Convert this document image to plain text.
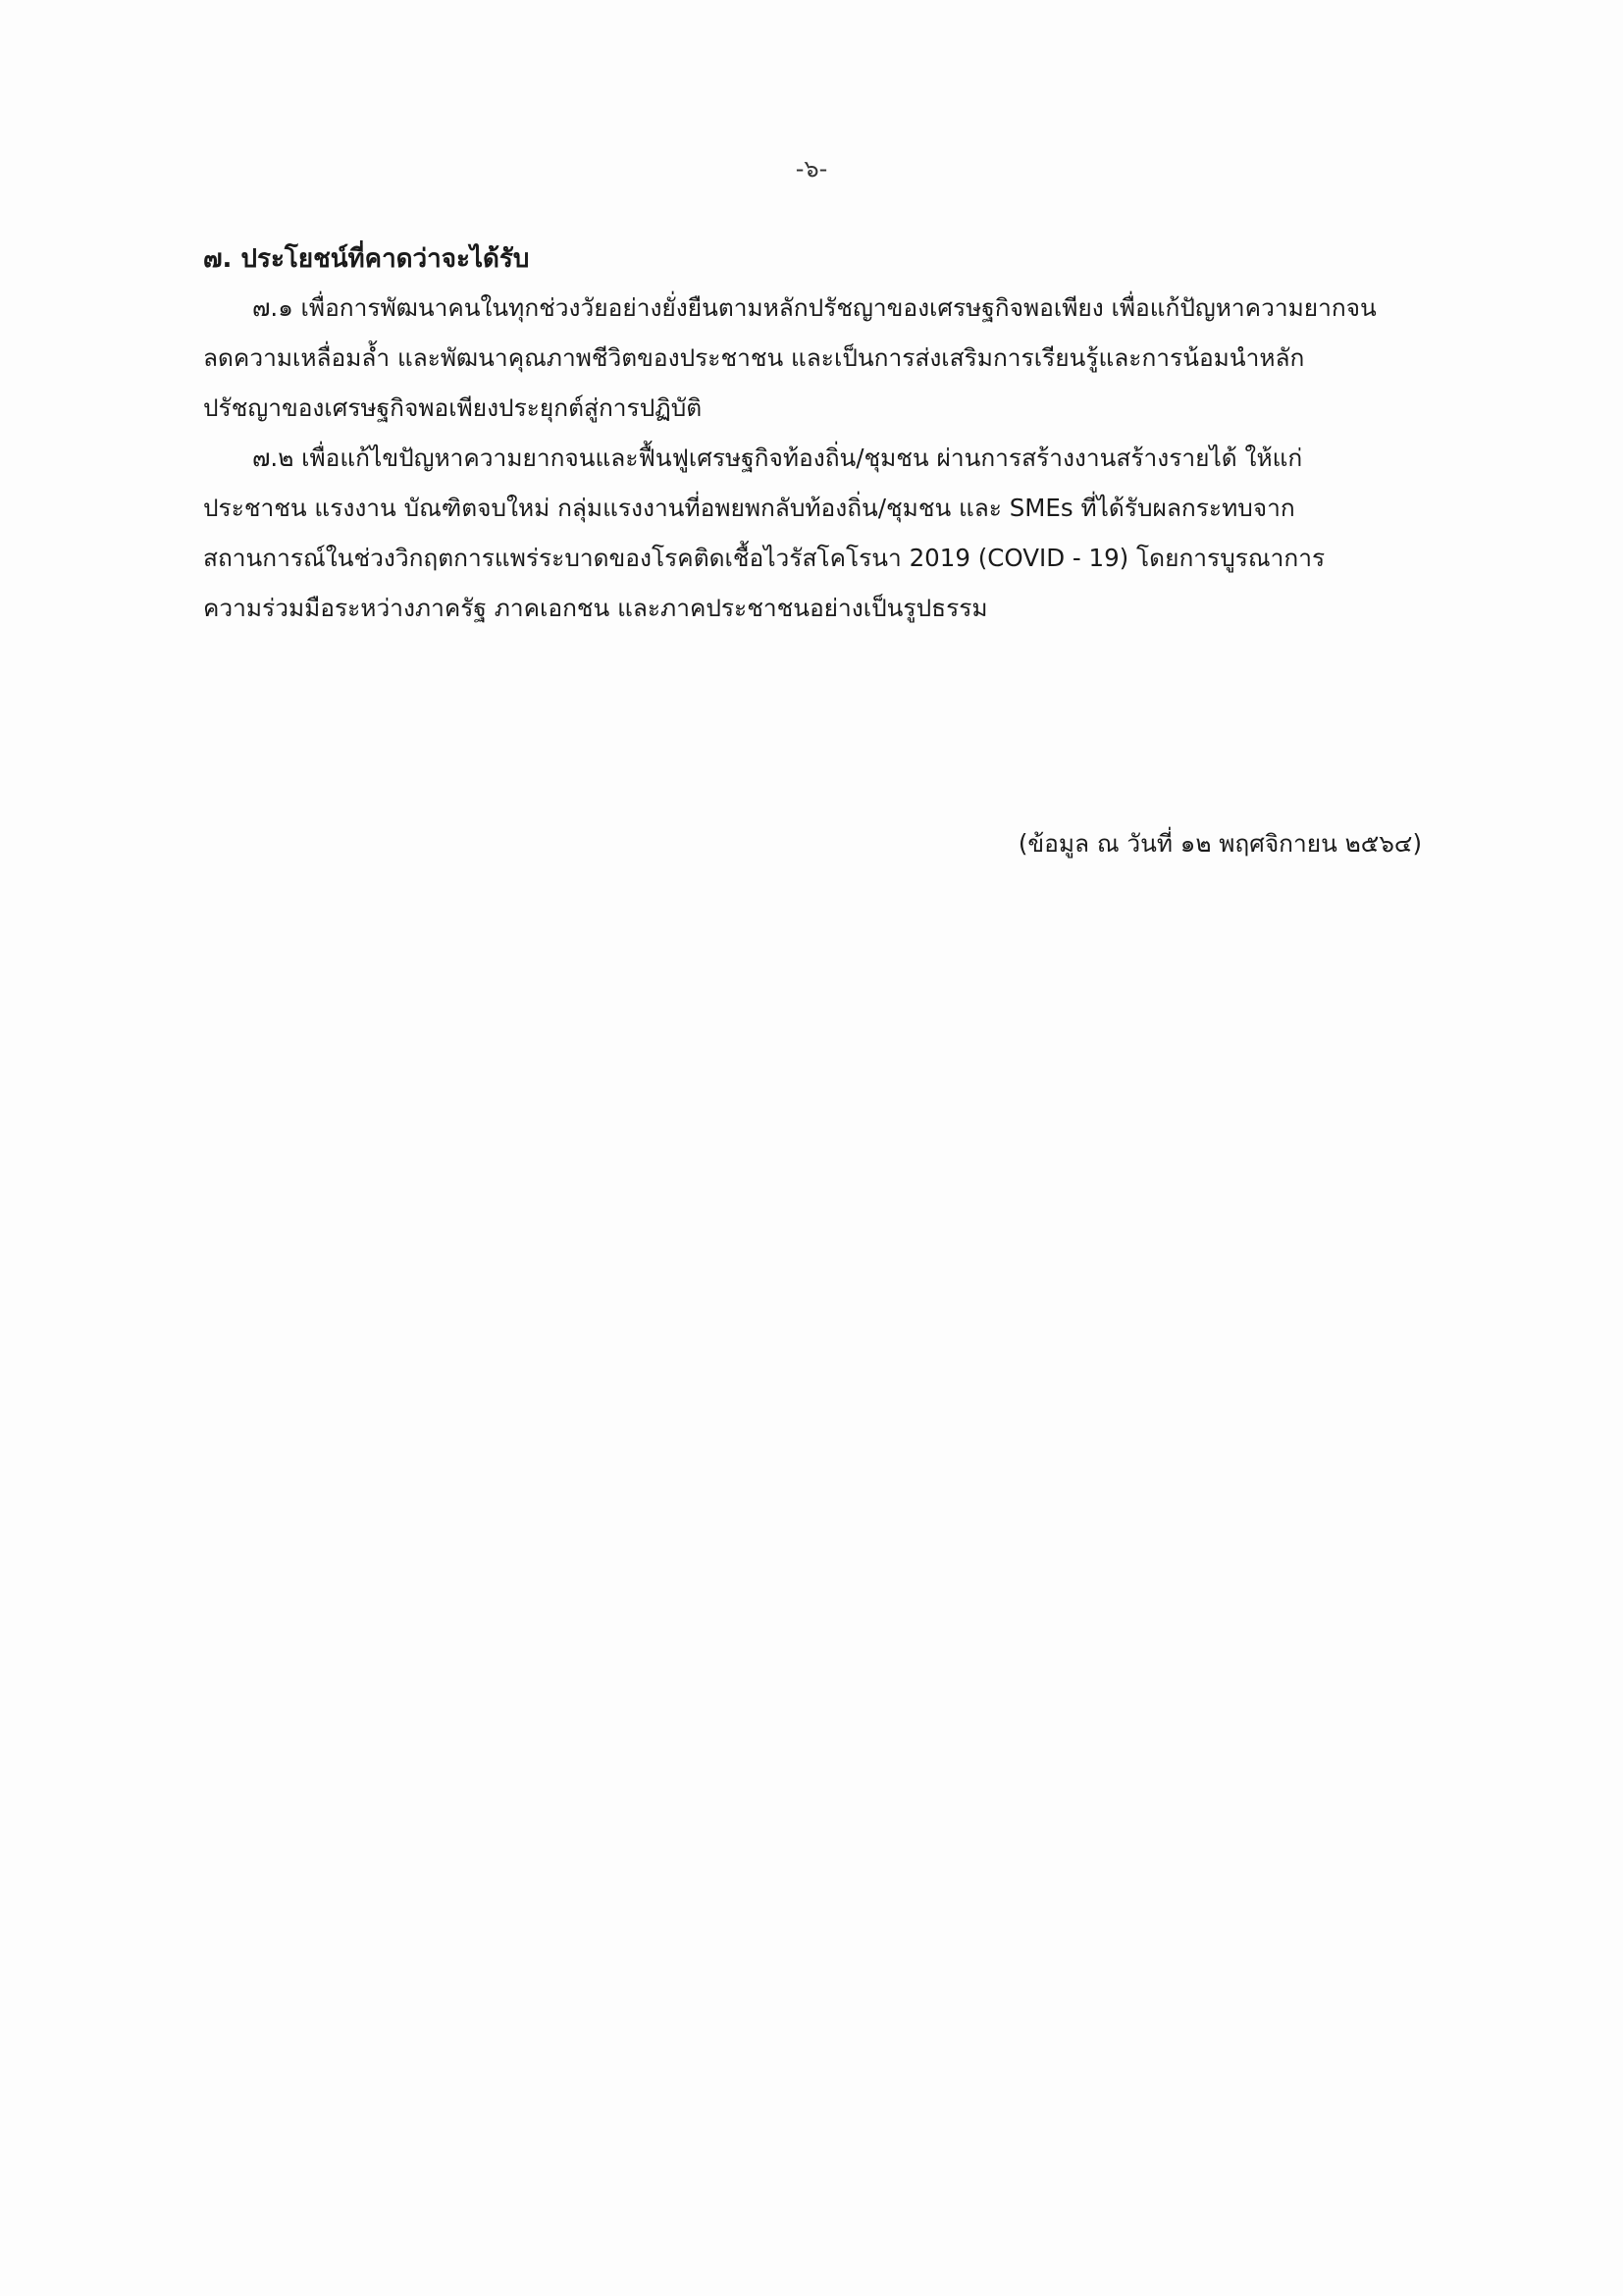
-๖-
๗. ประโยชน์ที่คาดว่าจะได้รับ
๗.๑ เพื่อการพัฒนาคนในทุกช่วงวัยอย่างยั่งยืนตามหลักปรัชญาของเศรษฐกิจพอเพียง เพื่อแก้ปัญหาความยากจน
ลดความเหลื่อมล้ำ และพัฒนาคุณภาพชีวิตของประชาชน และเป็นการส่งเสริมการเรียนรู้และการน้อมนำหลัก
ปรัชญาของเศรษฐกิจพอเพียงประยุกต์สู่การปฏิบัติ
๗.๒ เพื่อแก้ไขปัญหาความยากจนและฟื้นฟูเศรษฐกิจท้องถิ่น/ชุมชน ผ่านการสร้างงานสร้างรายได้ ให้แก่
ประชาชน แรงงาน บัณฑิตจบใหม่ กลุ่มแรงงานที่อพยพกลับท้องถิ่น/ชุมชน และ SMEs ที่ได้รับผลกระทบจาก
สถานการณ์ในช่วงวิกฤตการแพร่ระบาดของโรคติดเชื้อไวรัสโคโรนา 2019 (COVID - 19) โดยการบูรณาการ
ความร่วมมือระหว่างภาครัฐ ภาคเอกชน และภาคประชาชนอย่างเป็นรูปธรรม
(ข้อมูล ณ วันที่ ๑๒ พฤศจิกายน ๒๕๖๔)
